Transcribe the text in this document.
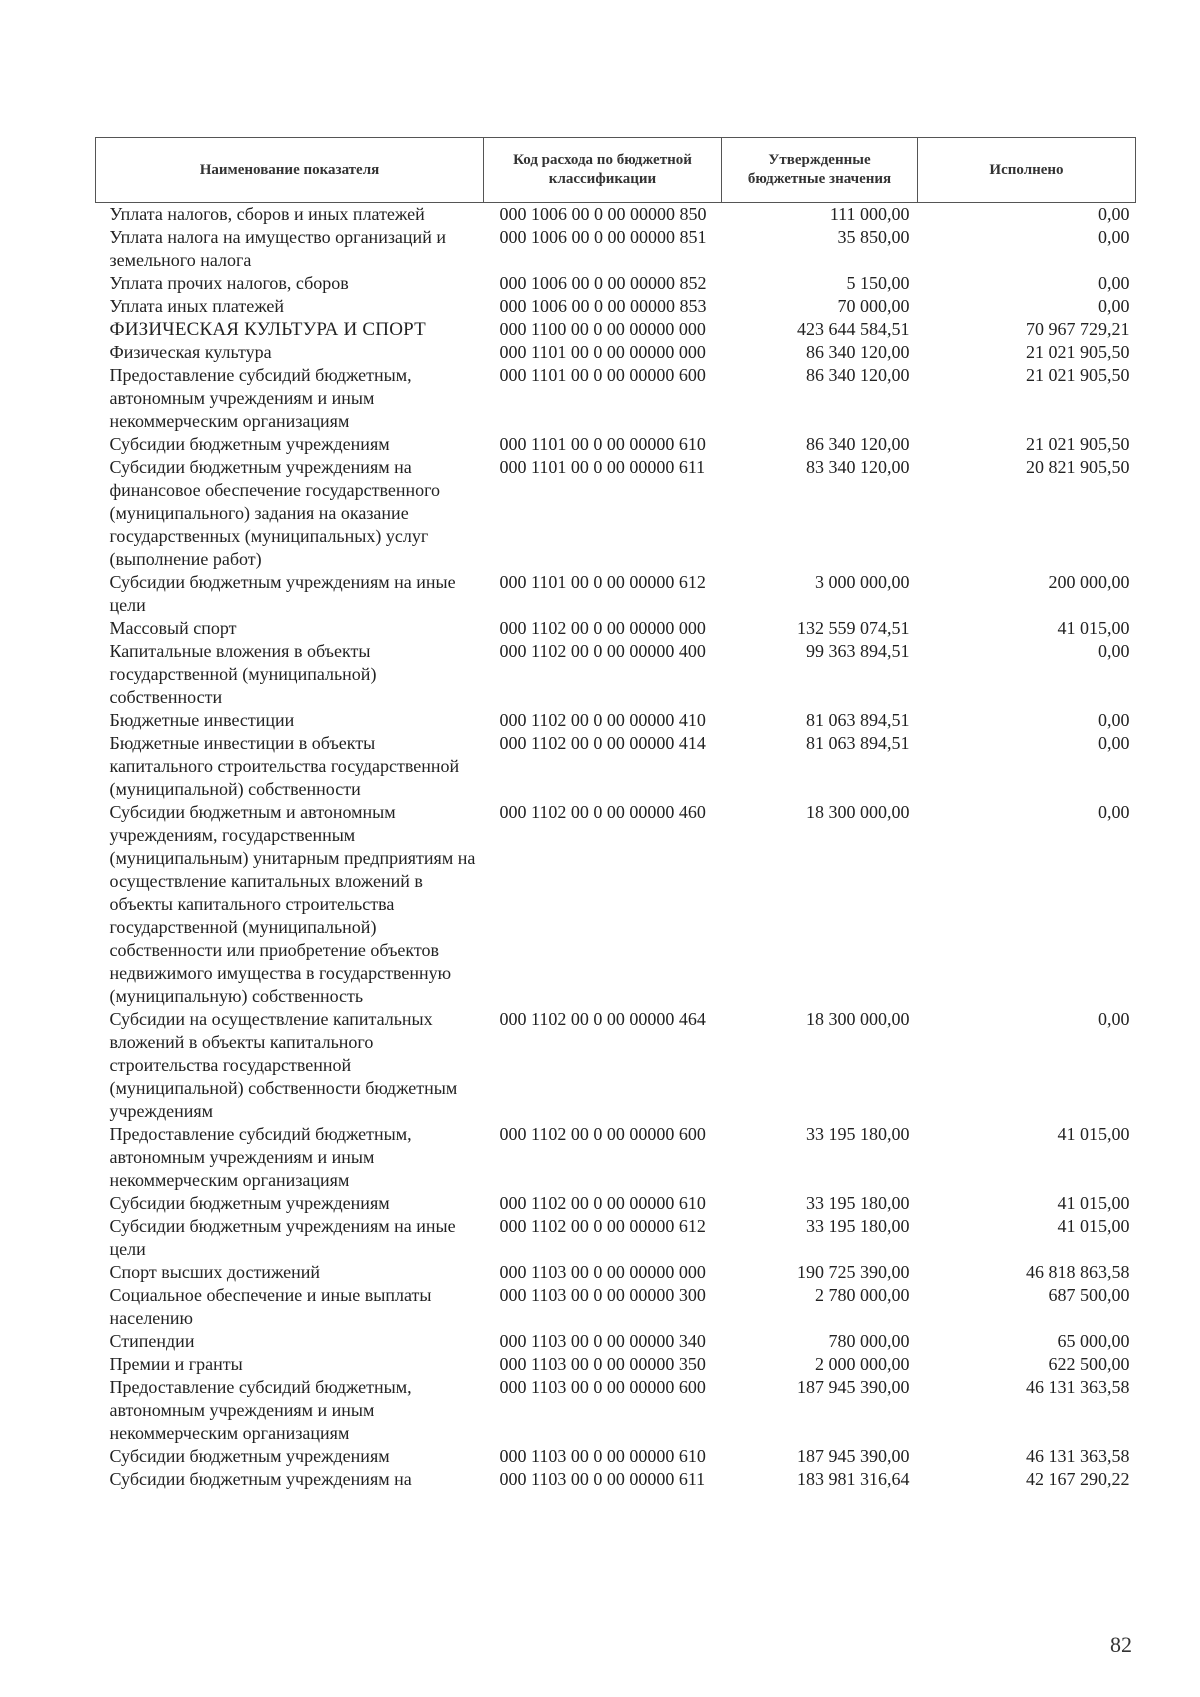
Наименование показателя	Код расхода по бюджетной классификации	Утвержденные бюджетные значения	Исполнено
Уплата налогов, сборов и иных платежей	000 1006 00 0 00 00000 850	111 000,00	0,00
Уплата налога на имущество организаций и земельного налога	000 1006 00 0 00 00000 851	35 850,00	0,00
Уплата прочих налогов, сборов	000 1006 00 0 00 00000 852	5 150,00	0,00
Уплата иных платежей	000 1006 00 0 00 00000 853	70 000,00	0,00
ФИЗИЧЕСКАЯ КУЛЬТУРА И СПОРТ	000 1100 00 0 00 00000 000	423 644 584,51	70 967 729,21
Физическая культура	000 1101 00 0 00 00000 000	86 340 120,00	21 021 905,50
Предоставление субсидий бюджетным, автономным учреждениям и иным некоммерческим организациям	000 1101 00 0 00 00000 600	86 340 120,00	21 021 905,50
Субсидии бюджетным учреждениям	000 1101 00 0 00 00000 610	86 340 120,00	21 021 905,50
Субсидии бюджетным учреждениям на финансовое обеспечение государственного (муниципального) задания на оказание государственных (муниципальных) услуг (выполнение работ)	000 1101 00 0 00 00000 611	83 340 120,00	20 821 905,50
Субсидии бюджетным учреждениям на иные цели	000 1101 00 0 00 00000 612	3 000 000,00	200 000,00
Массовый спорт	000 1102 00 0 00 00000 000	132 559 074,51	41 015,00
Капитальные вложения в объекты государственной (муниципальной) собственности	000 1102 00 0 00 00000 400	99 363 894,51	0,00
Бюджетные инвестиции	000 1102 00 0 00 00000 410	81 063 894,51	0,00
Бюджетные инвестиции в объекты капитального строительства государственной (муниципальной) собственности	000 1102 00 0 00 00000 414	81 063 894,51	0,00
Субсидии бюджетным и автономным учреждениям, государственным (муниципальным) унитарным предприятиям на осуществление капитальных вложений в объекты капитального строительства государственной (муниципальной) собственности или приобретение объектов недвижимого имущества в государственную (муниципальную) собственность	000 1102 00 0 00 00000 460	18 300 000,00	0,00
Субсидии на осуществление капитальных вложений в объекты капитального строительства государственной (муниципальной) собственности бюджетным учреждениям	000 1102 00 0 00 00000 464	18 300 000,00	0,00
Предоставление субсидий бюджетным, автономным учреждениям и иным некоммерческим организациям	000 1102 00 0 00 00000 600	33 195 180,00	41 015,00
Субсидии бюджетным учреждениям	000 1102 00 0 00 00000 610	33 195 180,00	41 015,00
Субсидии бюджетным учреждениям на иные цели	000 1102 00 0 00 00000 612	33 195 180,00	41 015,00
Спорт высших достижений	000 1103 00 0 00 00000 000	190 725 390,00	46 818 863,58
Социальное обеспечение и иные выплаты населению	000 1103 00 0 00 00000 300	2 780 000,00	687 500,00
Стипендии	000 1103 00 0 00 00000 340	780 000,00	65 000,00
Премии и гранты	000 1103 00 0 00 00000 350	2 000 000,00	622 500,00
Предоставление субсидий бюджетным, автономным учреждениям и иным некоммерческим организациям	000 1103 00 0 00 00000 600	187 945 390,00	46 131 363,58
Субсидии бюджетным учреждениям	000 1103 00 0 00 00000 610	187 945 390,00	46 131 363,58
Субсидии бюджетным учреждениям на	000 1103 00 0 00 00000 611	183 981 316,64	42 167 290,22
82
